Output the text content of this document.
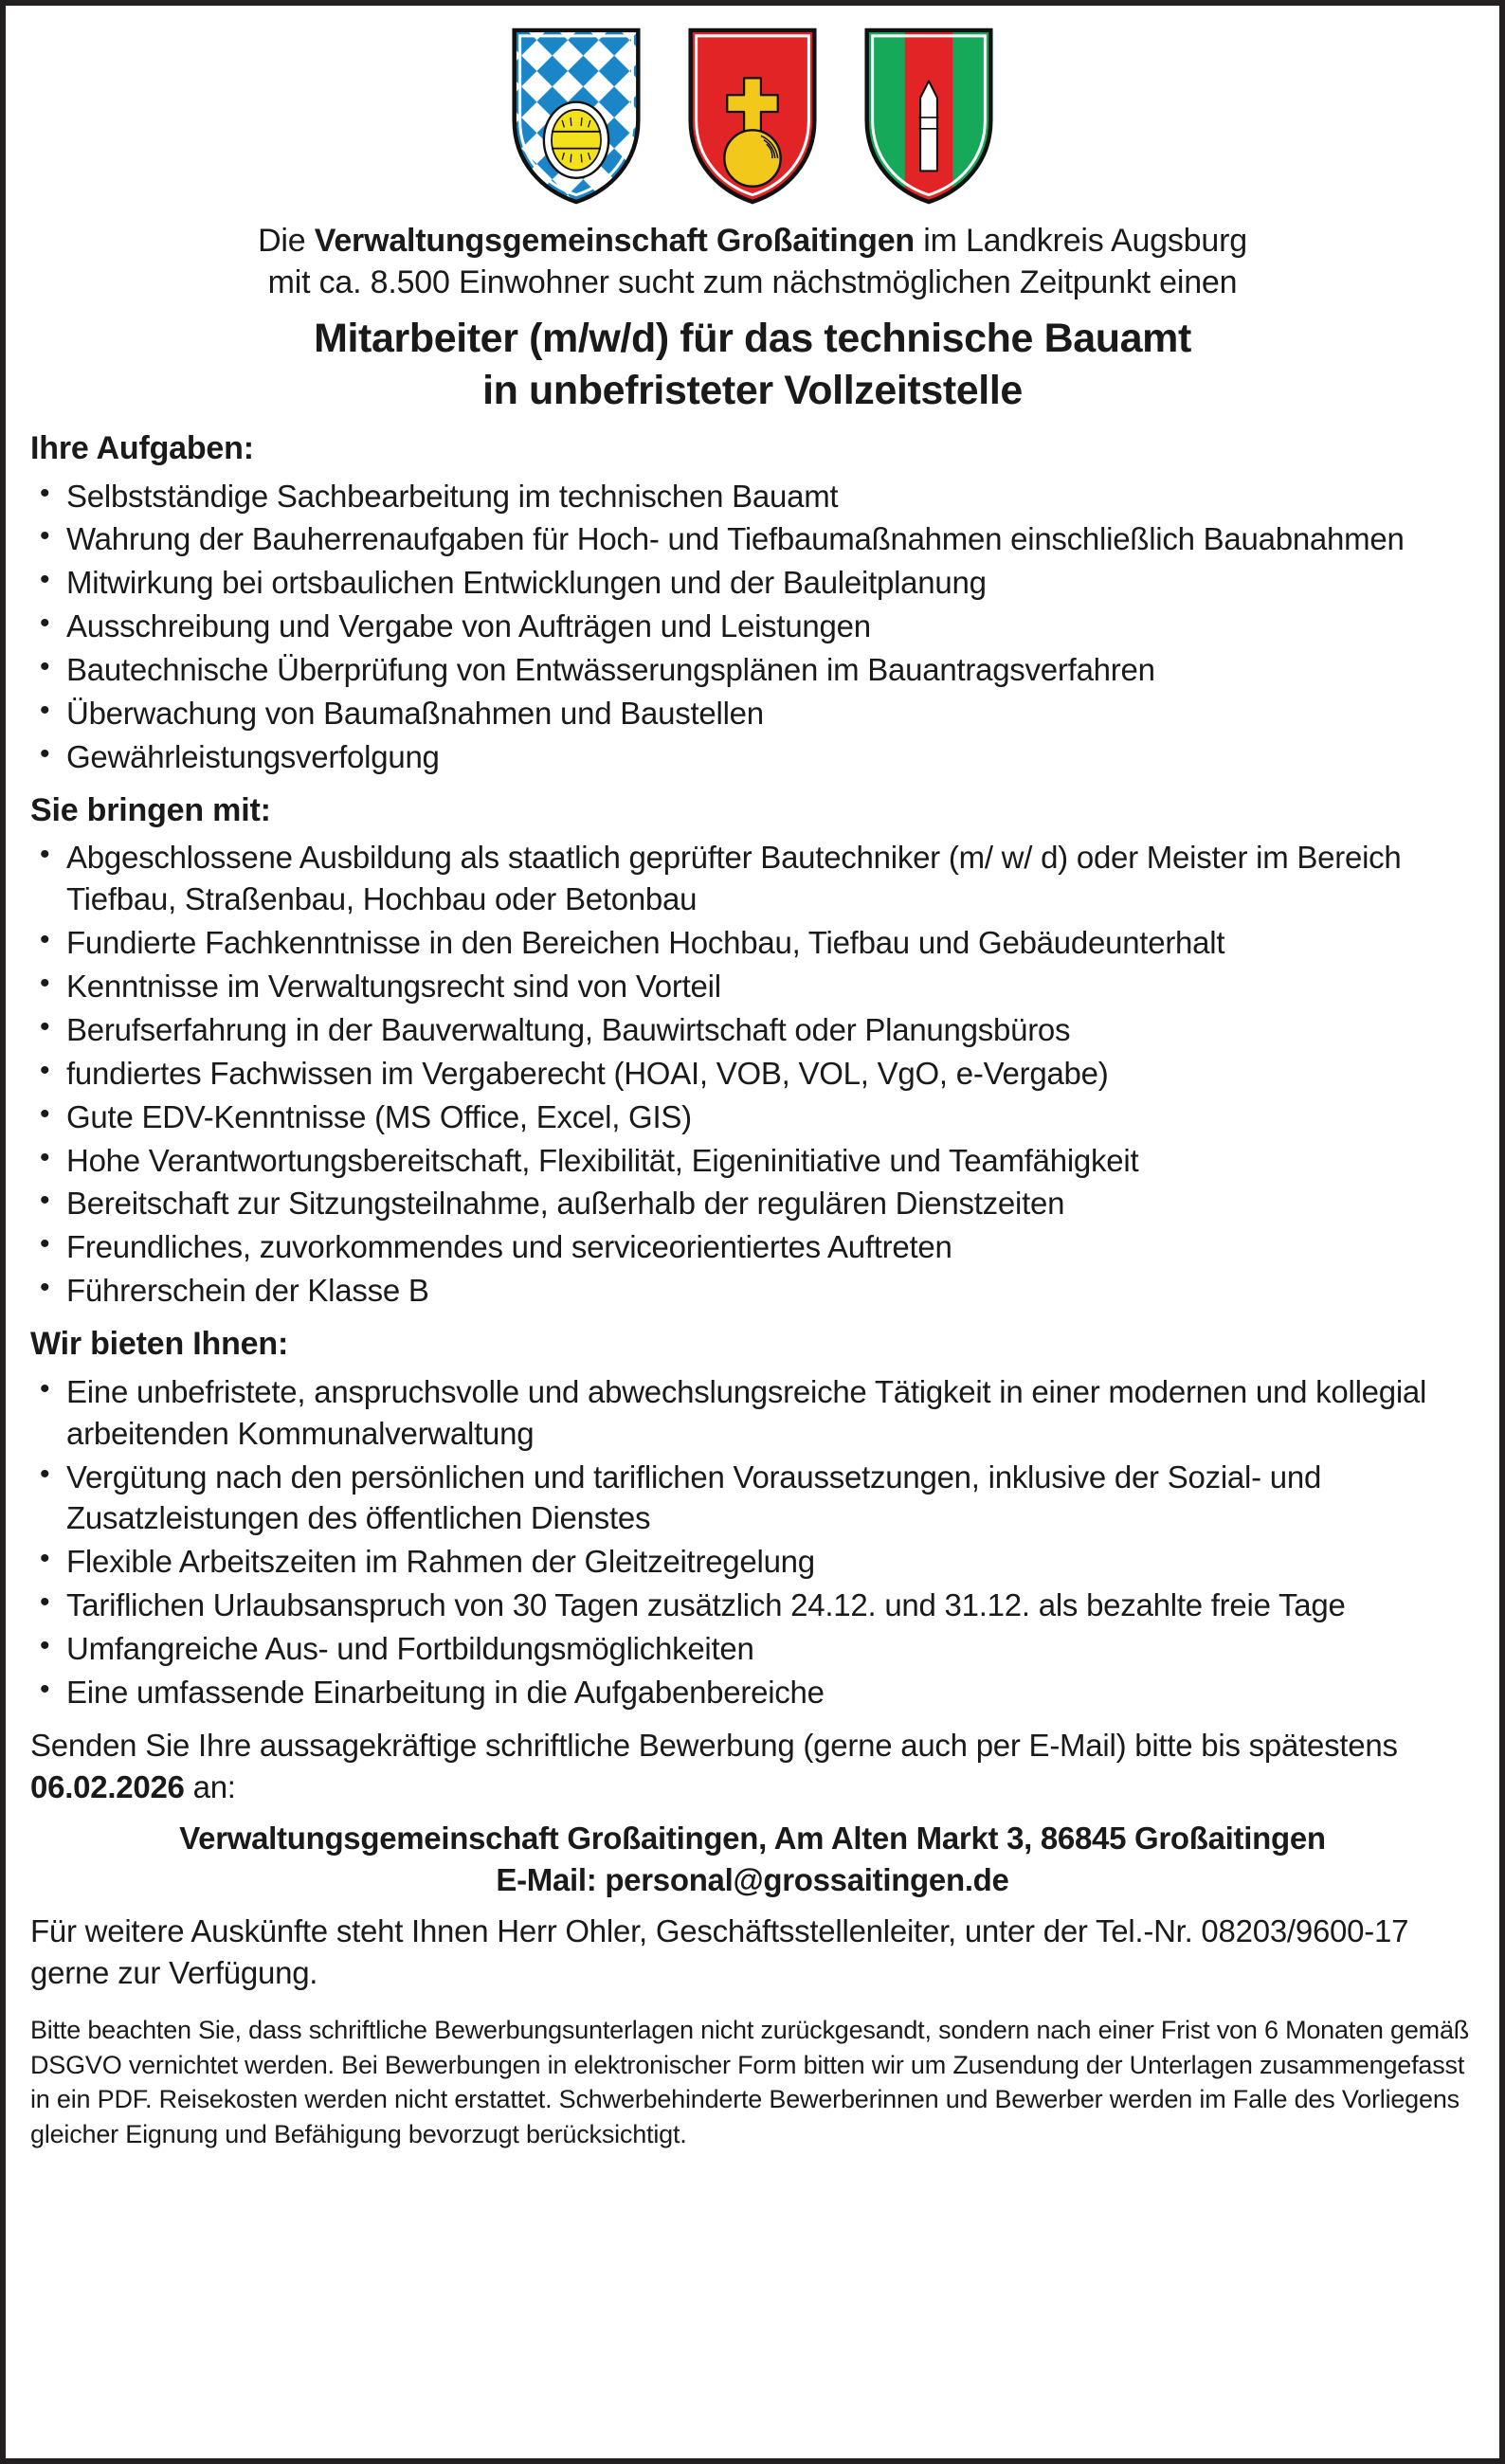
Die Verwaltungsgemeinschaft Großaitingen im Landkreis Augsburg
mit ca. 8.500 Einwohner sucht zum nächstmöglichen Zeitpunkt einen

Mitarbeiter (m/w/d) für das technische Bauamt
in unbefristeter Vollzeitstelle
Ihre Aufgaben:
• Selbstständige Sachbearbeitung im technischen Bauamt
• Wahrung der Bauherrenaufgaben für Hoch- und Tiefbaumaßnahmen einschließlich Bauabnahmen
• Mitwirkung bei ortsbaulichen Entwicklungen und der Bauleitplanung
• Ausschreibung und Vergabe von Aufträgen und Leistungen
• Bautechnische Überprüfung von Entwässerungsplänen im Bauantragsverfahren
• Überwachung von Baumaßnahmen und Baustellen
• Gewährleistungsverfolgung
Sie bringen mit:
• Abgeschlossene Ausbildung als staatlich geprüfter Bautechniker (m/ w/ d) oder Meister im Bereich Tiefbau, Straßenbau, Hochbau oder Betonbau
• Fundierte Fachkenntnisse in den Bereichen Hochbau, Tiefbau und Gebäudeunterhalt
• Kenntnisse im Verwaltungsrecht sind von Vorteil
• Berufserfahrung in der Bauverwaltung, Bauwirtschaft oder Planungsbüros
• fundiertes Fachwissen im Vergaberecht (HOAI, VOB, VOL, VgO, e-Vergabe)
• Gute EDV-Kenntnisse (MS Office, Excel, GIS)
• Hohe Verantwortungsbereitschaft, Flexibilität, Eigeninitiative und Teamfähigkeit
• Bereitschaft zur Sitzungsteilnahme, außerhalb der regulären Dienstzeiten
• Freundliches, zuvorkommendes und serviceorientiertes Auftreten
• Führerschein der Klasse B
Wir bieten Ihnen:
• Eine unbefristete, anspruchsvolle und abwechslungsreiche Tätigkeit in einer modernen und kollegial arbeitenden Kommunalverwaltung
• Vergütung nach den persönlichen und tariflichen Voraussetzungen, inklusive der Sozial- und Zusatzleistungen des öffentlichen Dienstes
• Flexible Arbeitszeiten im Rahmen der Gleitzeitregelung
• Tariflichen Urlaubsanspruch von 30 Tagen zusätzlich 24.12. und 31.12. als bezahlte freie Tage
• Umfangreiche Aus- und Fortbildungsmöglichkeiten
• Eine umfassende Einarbeitung in die Aufgabenbereiche

Senden Sie Ihre aussagekräftige schriftliche Bewerbung (gerne auch per E-Mail) bitte bis spätestens 06.02.2026 an:

Verwaltungsgemeinschaft Großaitingen, Am Alten Markt 3, 86845 Großaitingen
E-Mail: personal@grossaitingen.de

Für weitere Auskünfte steht Ihnen Herr Ohler, Geschäftsstellenleiter, unter der Tel.-Nr. 08203/9600-17 gerne zur Verfügung.

Bitte beachten Sie, dass schriftliche Bewerbungsunterlagen nicht zurückgesandt, sondern nach einer Frist von 6 Monaten gemäß DSGVO vernichtet werden. Bei Bewerbungen in elektronischer Form bitten wir um Zusendung der Unterlagen zusammengefasst in ein PDF. Reisekosten werden nicht erstattet. Schwerbehinderte Bewerberinnen und Bewerber werden im Falle des Vorliegens gleicher Eignung und Befähigung bevorzugt berücksichtigt.
